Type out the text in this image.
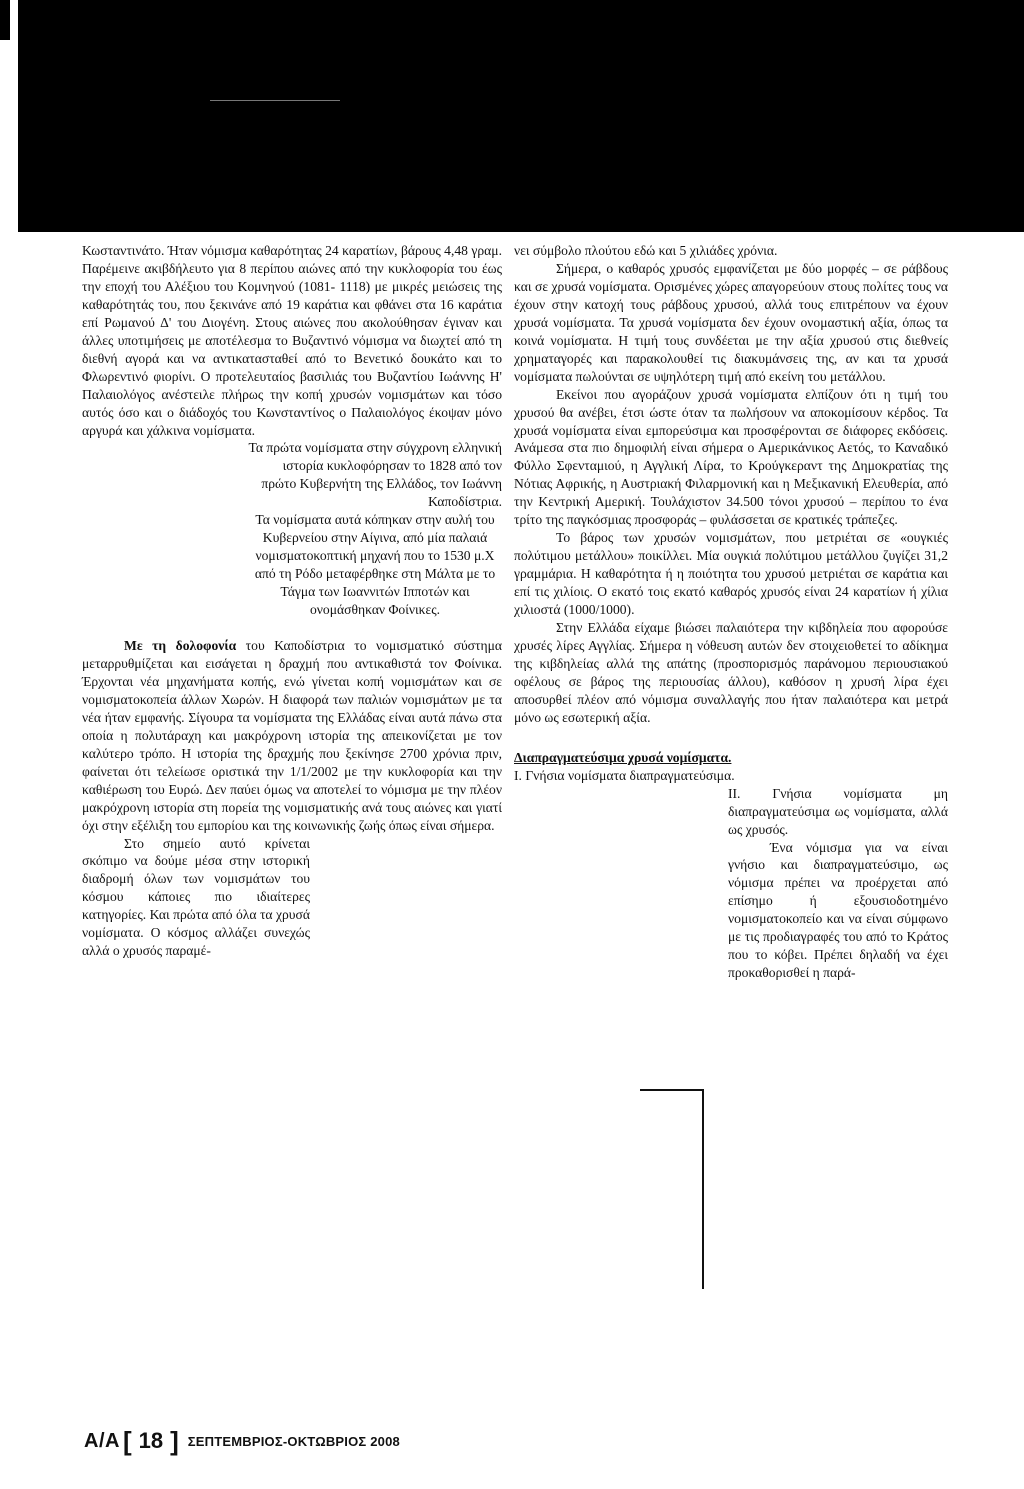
Κωσταντινάτο. Ήταν νόμισμα καθαρότητας 24 καρατίων, βάρους 4,48 γραμ. Παρέμεινε ακιβδήλευτο για 8 περίπου αιώνες από την κυκλοφορία του έως την εποχή του Αλέξιου του Κομνηνού (1081- 1118) με μικρές μειώσεις της καθαρότητάς του, που ξεκινάνε από 19 καράτια και φθάνει στα 16 καράτια επί Ρωμανού Δ' του Διογένη. Στους αιώνες που ακολούθησαν έγιναν και άλλες υποτιμήσεις με αποτέλεσμα το Βυζαντινό νόμισμα να διωχτεί από τη διεθνή αγορά και να αντικατασταθεί από το Βενετικό δουκάτο και το Φλωρεντινό φιορίνι. Ο προτελευταίος βασιλιάς του Βυζαντίου Ιωάννης Η' Παλαιολόγος ανέστειλε πλήρως την κοπή χρυσών νομισμάτων και τόσο αυτός όσο και ο διάδοχός του Κωνσταντίνος ο Παλαιολόγος έκοψαν μόνο αργυρά και χάλκινα νομίσματα.

Τα πρώτα νομίσματα στην σύγχρονη ελληνική ιστορία κυκλοφόρησαν το 1828 από τον πρώτο Κυβερνήτη της Ελλάδος, τον Ιωάννη Καποδίστρια.

Τα νομίσματα αυτά κόπηκαν στην αυλή του Κυβερνείου στην Αίγινα, από μία παλαιά νομισματοκοπτική μηχανή που το 1530 μ.Χ από τη Ρόδο μεταφέρθηκε στη Μάλτα με το Τάγμα των Ιωαννιτών Ιπποτών και ονομάσθηκαν Φοίνικες.

Με τη δολοφονία του Καποδίστρια το νομισματικό σύστημα μεταρρυθμίζεται και εισάγεται η δραχμή που αντικαθιστά τον Φοίνικα. Έρχονται νέα μηχανήματα κοπής, ενώ γίνεται κοπή νομισμάτων και σε νομισματοκοπεία άλλων Χωρών. Η διαφορά των παλιών νομισμάτων με τα νέα ήταν εμφανής. Σίγουρα τα νομίσματα της Ελλάδας είναι αυτά πάνω στα οποία η πολυτάραχη και μακρόχρονη ιστορία της απεικονίζεται με τον καλύτερο τρόπο. Η ιστορία της δραχμής που ξεκίνησε 2700 χρόνια πριν, φαίνεται ότι τελείωσε οριστικά την 1/1/2002 με την κυκλοφορία και την καθιέρωση του Ευρώ. Δεν παύει όμως να αποτελεί το νόμισμα με την πλέον μακρόχρονη ιστορία στη πορεία της νομισματικής ανά τους αιώνες και γιατί όχι στην εξέλιξη του εμπορίου και της κοινωνικής ζωής όπως είναι σήμερα.

Στο σημείο αυτό κρίνεται σκόπιμο να δούμε μέσα στην ιστορική διαδρομή όλων των νομισμάτων του κόσμου κάποιες πιο ιδιαίτερες κατηγορίες. Και πρώτα από όλα τα χρυσά νομίσματα. Ο κόσμος αλλάζει συνεχώς αλλά ο χρυσός παραμέ-

νει σύμβολο πλούτου εδώ και 5 χιλιάδες χρόνια.

Σήμερα, ο καθαρός χρυσός εμφανίζεται με δύο μορφές – σε ράβδους και σε χρυσά νομίσματα. Ορισμένες χώρες απαγορεύουν στους πολίτες τους να έχουν στην κατοχή τους ράβδους χρυσού, αλλά τους επιτρέπουν να έχουν χρυσά νομίσματα. Τα χρυσά νομίσματα δεν έχουν ονομαστική αξία, όπως τα κοινά νομίσματα. Η τιμή τους συνδέεται με την αξία χρυσού στις διεθνείς χρηματαγορές και παρακολουθεί τις διακυμάνσεις της, αν και τα χρυσά νομίσματα πωλούνται σε υψηλότερη τιμή από εκείνη του μετάλλου.

Εκείνοι που αγοράζουν χρυσά νομίσματα ελπίζουν ότι η τιμή του χρυσού θα ανέβει, έτσι ώστε όταν τα πωλήσουν να αποκομίσουν κέρδος. Τα χρυσά νομίσματα είναι εμπορεύσιμα και προσφέρονται σε διάφορες εκδόσεις. Ανάμεσα στα πιο δημοφιλή είναι σήμερα ο Αμερικάνικος Αετός, το Καναδικό Φύλλο Σφενταμιού, η Αγγλική Λίρα, το Κρούγκεραντ της Δημοκρατίας της Νότιας Αφρικής, η Αυστριακή Φιλαρμονική και η Μεξικανική Ελευθερία, από την Κεντρική Αμερική. Τουλάχιστον 34.500 τόνοι χρυσού – περίπου το ένα τρίτο της παγκόσμιας προσφοράς – φυλάσσεται σε κρατικές τράπεζες.

Το βάρος των χρυσών νομισμάτων, που μετριέται σε «ουγκιές πολύτιμου μετάλλου» ποικίλλει. Μία ουγκιά πολύτιμου μετάλλου ζυγίζει 31,2 γραμμάρια. Η καθαρότητα ή η ποιότητα του χρυσού μετριέται σε καράτια και επί τις χιλίοις. Ο εκατό τοις εκατό καθαρός χρυσός είναι 24 καρατίων ή χίλια χιλιοστά (1000/1000).

Στην Ελλάδα είχαμε βιώσει παλαιότερα την κιβδηλεία που αφορούσε χρυσές λίρες Αγγλίας. Σήμερα η νόθευση αυτών δεν στοιχειοθετεί το αδίκημα της κιβδηλείας αλλά της απάτης (προσπορισμός παράνομου περιουσιακού οφέλους σε βάρος της περιουσίας άλλου), καθόσον η χρυσή λίρα έχει αποσυρθεί πλέον από νόμισμα συναλλαγής που ήταν παλαιότερα και μετρά μόνο ως εσωτερική αξία.

Διαπραγματεύσιμα χρυσά νομίσματα.

Ι. Γνήσια νομίσματα διαπραγματεύσιμα.

ΙΙ. Γνήσια νομίσματα μη διαπραγματεύσιμα ως νομίσματα, αλλά ως χρυσός.

Ένα νόμισμα για να είναι γνήσιο και διαπραγματεύσιμο, ως νόμισμα πρέπει να προέρχεται από επίσημο ή εξουσιοδοτημένο νομισματοκοπείο και να είναι σύμφωνο με τις προδιαγραφές του από το Κράτος που το κόβει. Πρέπει δηλαδή να έχει προκαθορισθεί η παρά-

Α/Α [ 18 ] ΣΕΠΤΕΜΒΡΙΟΣ-ΟΚΤΩΒΡΙΟΣ 2008
